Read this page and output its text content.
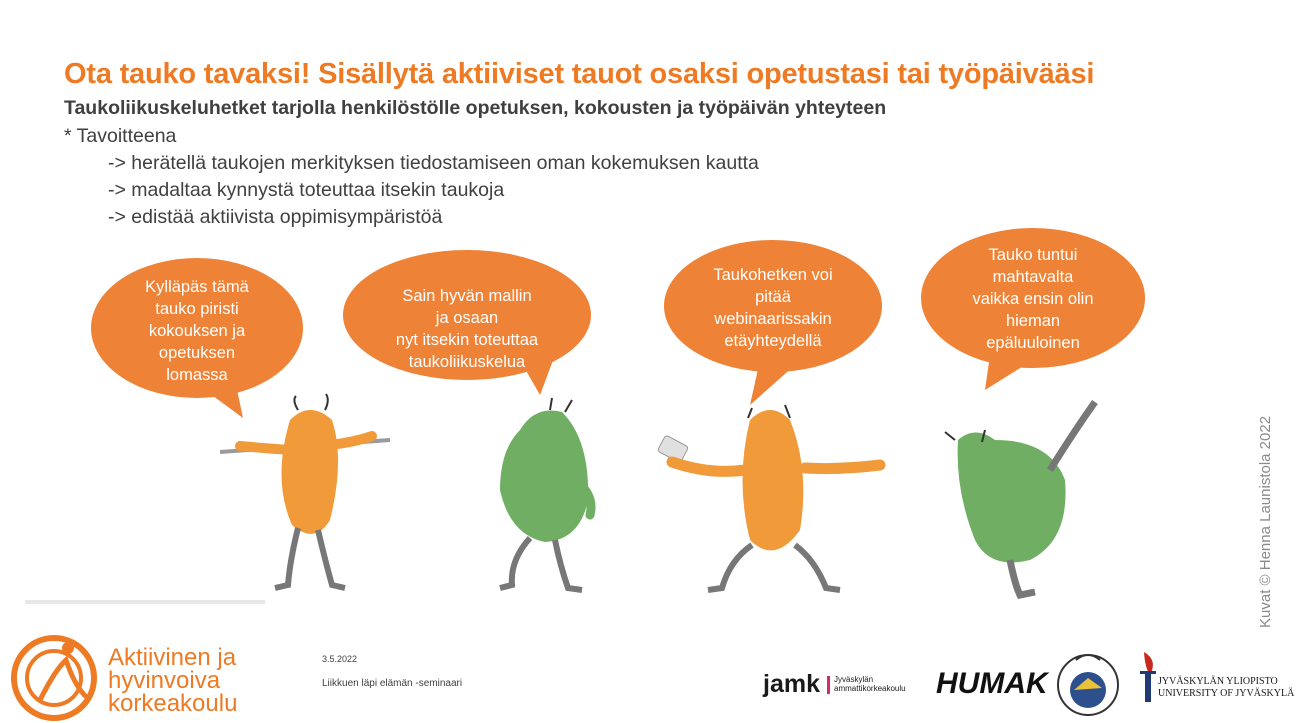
Ota tauko tavaksi! Sisällytä aktiiviset tauot osaksi opetustasi tai työpäivääsi
Taukoliikuskeluhetket tarjolla henkilöstölle opetuksen, kokousten ja työpäivän yhteyteen
* Tavoitteena
-> herätellä taukojen merkityksen tiedostamiseen oman kokemuksen kautta
-> madaltaa kynnystä toteuttaa itsekin taukoja
-> edistää aktiivista oppimisympäristöä
Kylläpäs tämä
tauko piristi
kokouksen ja
opetuksen
lomassa
Sain hyvän mallin
ja osaan
nyt itsekin toteuttaa
taukoliikuskelua
Taukohetken voi
pitää
webinaarissakin
etäyhteydellä
Tauko tuntui
mahtavalta
vaikka ensin olin
hieman
epäluuloinen
Kuvat © Henna Launistola 2022
Aktiivinen ja
hyvinvoiva
korkeakoulu
3.5.2022
Liikkuen läpi elämän -seminaari	jamk Jyväskylän
ammattikorkeakoulu HUMAK	JYVÄSKYLÄN YLIOPISTO
UNIVERSITY OF JYVÄSKYLÄ
